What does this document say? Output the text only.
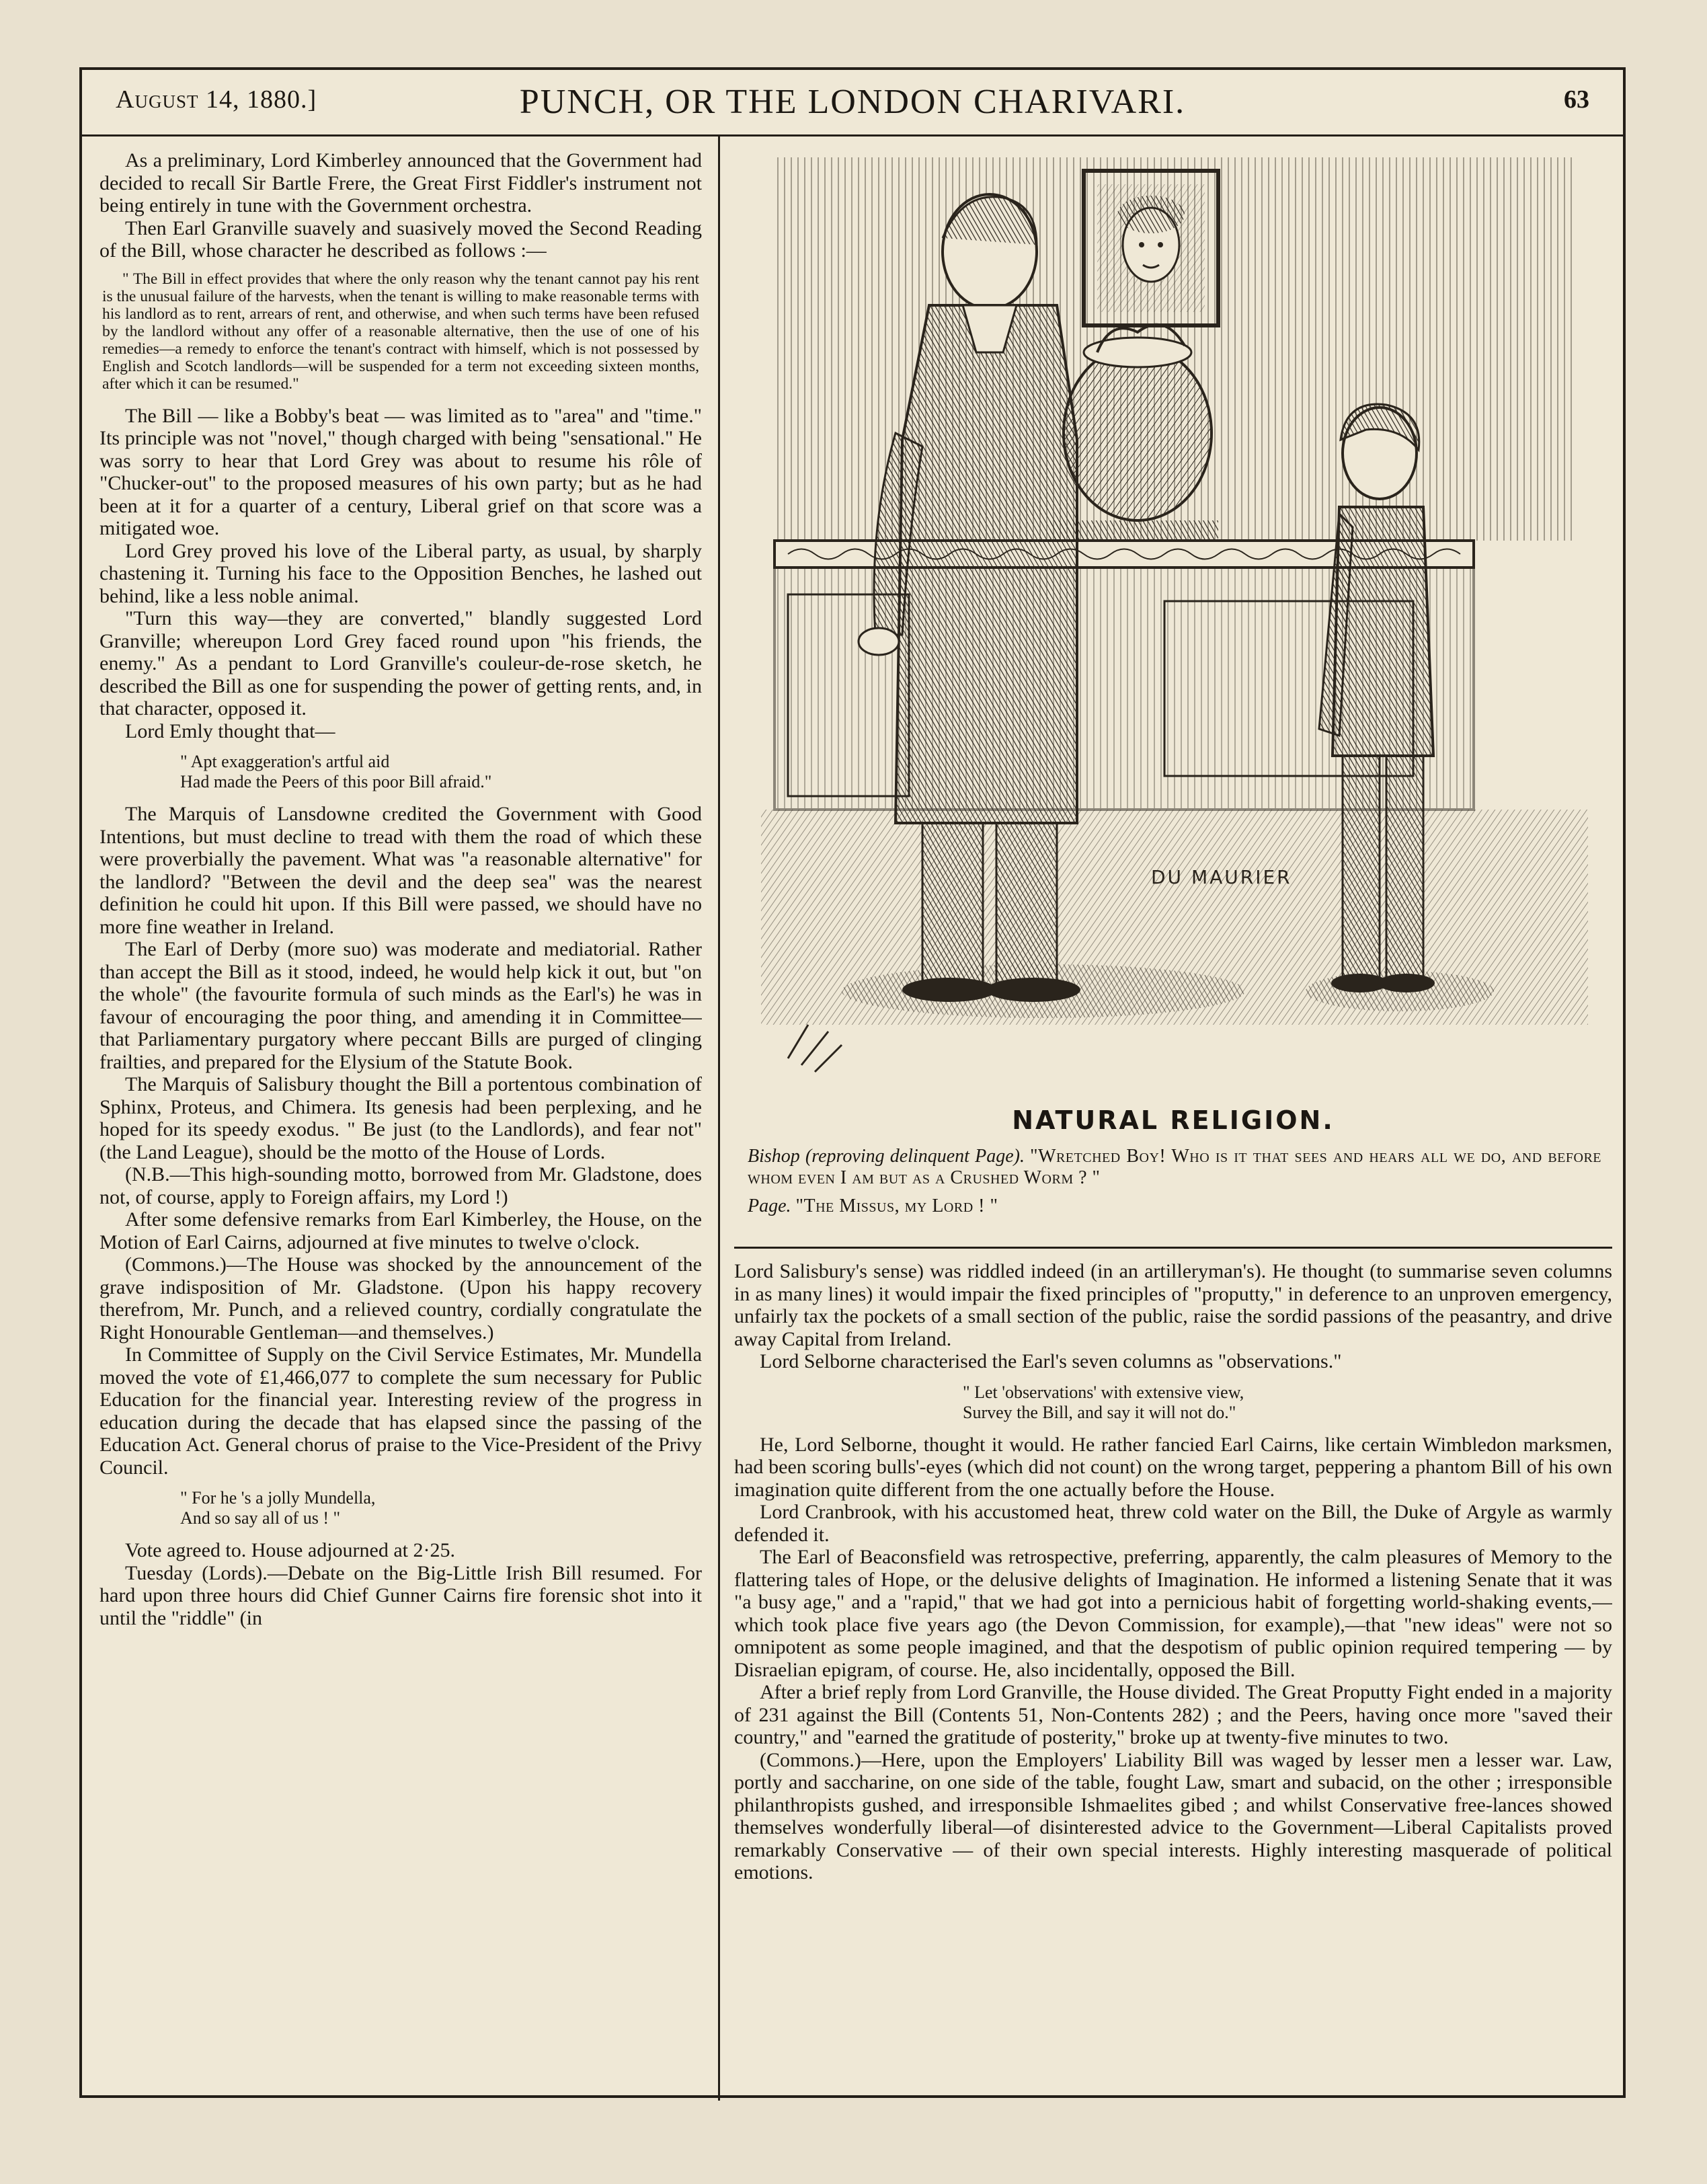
August 14, 1880.]	PUNCH, OR THE LONDON CHARIVARI.	63

As a preliminary, Lord Kimberley announced that the Government had decided to recall Sir Bartle Frere, the Great First Fiddler's instrument not being entirely in tune with the Government orchestra.

Then Earl Granville suavely and suasively moved the Second Reading of the Bill, whose character he described as follows :—

" The Bill in effect provides that where the only reason why the tenant cannot pay his rent is the unusual failure of the harvests, when the tenant is willing to make reasonable terms with his landlord as to rent, arrears of rent, and otherwise, and when such terms have been refused by the landlord without any offer of a reasonable alternative, then the use of one of his remedies—a remedy to enforce the tenant's contract with himself, which is not possessed by English and Scotch landlords—will be suspended for a term not exceeding sixteen months, after which it can be resumed."

The Bill — like a Bobby's beat — was limited as to "area" and "time." Its principle was not "novel," though charged with being "sensational." He was sorry to hear that Lord Grey was about to resume his rôle of "Chucker-out" to the proposed measures of his own party; but as he had been at it for a quarter of a century, Liberal grief on that score was a mitigated woe.

Lord Grey proved his love of the Liberal party, as usual, by sharply chastening it. Turning his face to the Opposition Benches, he lashed out behind, like a less noble animal.

"Turn this way—they are converted," blandly suggested Lord Granville; whereupon Lord Grey faced round upon "his friends, the enemy." As a pendant to Lord Granville's couleur-de-rose sketch, he described the Bill as one for suspending the power of getting rents, and, in that character, opposed it.

Lord Emly thought that—

" Apt exaggeration's artful aid
Had made the Peers of this poor Bill afraid."

The Marquis of Lansdowne credited the Government with Good Intentions, but must decline to tread with them the road of which these were proverbially the pavement. What was "a reasonable alternative" for the landlord? "Between the devil and the deep sea" was the nearest definition he could hit upon. If this Bill were passed, we should have no more fine weather in Ireland.

The Earl of Derby (more suo) was moderate and mediatorial. Rather than accept the Bill as it stood, indeed, he would help kick it out, but "on the whole" (the favourite formula of such minds as the Earl's) he was in favour of encouraging the poor thing, and amending it in Committee—that Parliamentary purgatory where peccant Bills are purged of clinging frailties, and prepared for the Elysium of the Statute Book.

The Marquis of Salisbury thought the Bill a portentous combination of Sphinx, Proteus, and Chimera. Its genesis had been perplexing, and he hoped for its speedy exodus. " Be just (to the Landlords), and fear not" (the Land League), should be the motto of the House of Lords.

(N.B.—This high-sounding motto, borrowed from Mr. Gladstone, does not, of course, apply to Foreign affairs, my Lord !)

After some defensive remarks from Earl Kimberley, the House, on the Motion of Earl Cairns, adjourned at five minutes to twelve o'clock.

(Commons.)—The House was shocked by the announcement of the grave indisposition of Mr. Gladstone. (Upon his happy recovery therefrom, Mr. Punch, and a relieved country, cordially congratulate the Right Honourable Gentleman—and themselves.)

In Committee of Supply on the Civil Service Estimates, Mr. Mundella moved the vote of £1,466,077 to complete the sum necessary for Public Education for the financial year. Interesting review of the progress in education during the decade that has elapsed since the passing of the Education Act. General chorus of praise to the Vice-President of the Privy Council.

" For he 's a jolly Mundella,
And so say all of us ! "

Vote agreed to. House adjourned at 2·25.

Tuesday (Lords).—Debate on the Big-Little Irish Bill resumed. For hard upon three hours did Chief Gunner Cairns fire forensic shot into it until the "riddle" (in

DU MAURIER
NATURAL RELIGION.

Bishop (reproving delinquent Page). "Wretched Boy! Who is it that sees and hears all we do, and before whom even I am but as a Crushed Worm ? "

Page. "The Missus, my Lord ! "

Lord Salisbury's sense) was riddled indeed (in an artilleryman's). He thought (to summarise seven columns in as many lines) it would impair the fixed principles of "proputty," in deference to an unproven emergency, unfairly tax the pockets of a small section of the public, raise the sordid passions of the peasantry, and drive away Capital from Ireland.

Lord Selborne characterised the Earl's seven columns as "observations."

" Let 'observations' with extensive view,
Survey the Bill, and say it will not do."

He, Lord Selborne, thought it would. He rather fancied Earl Cairns, like certain Wimbledon marksmen, had been scoring bulls'-eyes (which did not count) on the wrong target, peppering a phantom Bill of his own imagination quite different from the one actually before the House.

Lord Cranbrook, with his accustomed heat, threw cold water on the Bill, the Duke of Argyle as warmly defended it.

The Earl of Beaconsfield was retrospective, preferring, apparently, the calm pleasures of Memory to the flattering tales of Hope, or the delusive delights of Imagination. He informed a listening Senate that it was "a busy age," and a "rapid," that we had got into a pernicious habit of forgetting world-shaking events,—which took place five years ago (the Devon Commission, for example),—that "new ideas" were not so omnipotent as some people imagined, and that the despotism of public opinion required tempering — by Disraelian epigram, of course. He, also incidentally, opposed the Bill.

After a brief reply from Lord Granville, the House divided. The Great Proputty Fight ended in a majority of 231 against the Bill (Contents 51, Non-Contents 282) ; and the Peers, having once more "saved their country," and "earned the gratitude of posterity," broke up at twenty-five minutes to two.

(Commons.)—Here, upon the Employers' Liability Bill was waged by lesser men a lesser war. Law, portly and saccharine, on one side of the table, fought Law, smart and subacid, on the other ; irresponsible philanthropists gushed, and irresponsible Ishmaelites gibed ; and whilst Conservative free-lances showed themselves wonderfully liberal—of disinterested advice to the Government—Liberal Capitalists proved remarkably Conservative — of their own special interests. Highly interesting masquerade of political emotions.
